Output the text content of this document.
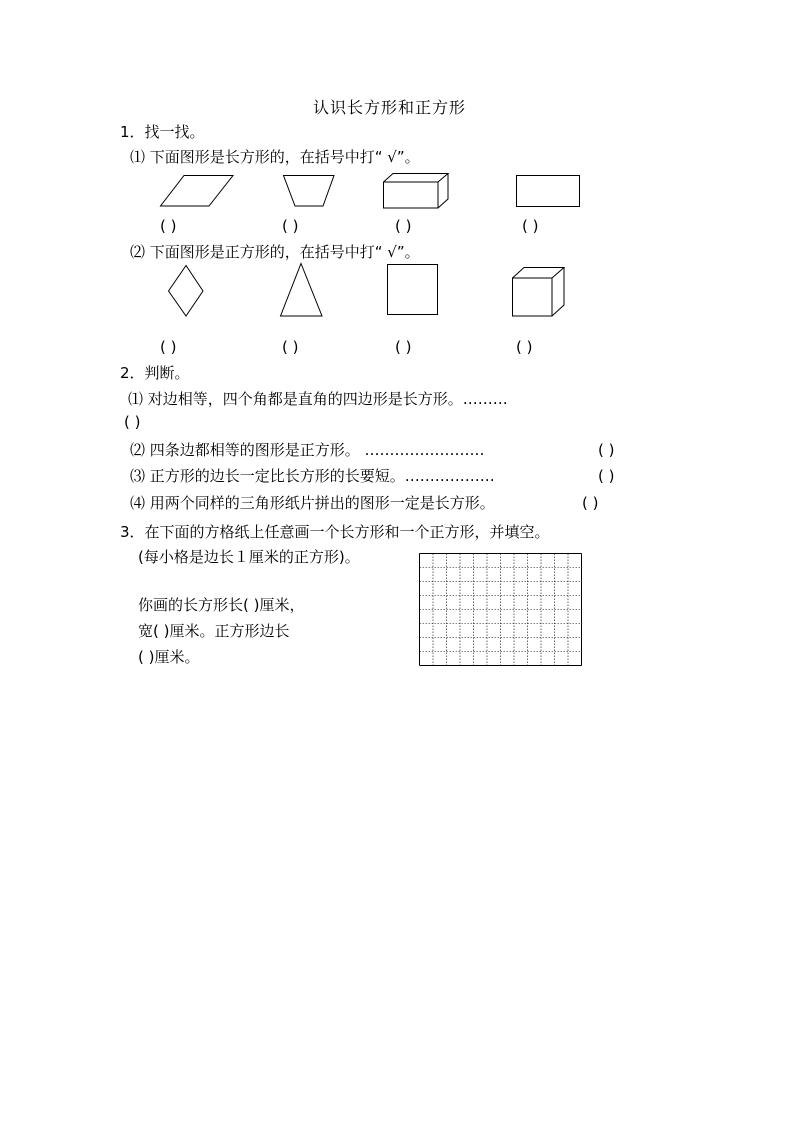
认识长方形和正方形
1．找一找。
⑴ 下面图形是长方形的，在括号中打“ √”。
( )	( )	( )	( )
⑵ 下面图形是正方形的，在括号中打“ √”。
( )	( )	( )	( )
2．判断。
⑴ 对边相等，四个角都是直角的四边形是长方形。………
( )
⑵ 四条边都相等的图形是正方形。 ……………………	( )
⑶ 正方形的边长一定比长方形的长要短。………………	( )
⑷ 用两个同样的三角形纸片拼出的图形一定是长方形。	( )
3．在下面的方格纸上任意画一个长方形和一个正方形，并填空。
(每小格是边长１厘米的正方形)。
你画的长方形长( )厘米，
宽( )厘米。正方形边长
( )厘米。
